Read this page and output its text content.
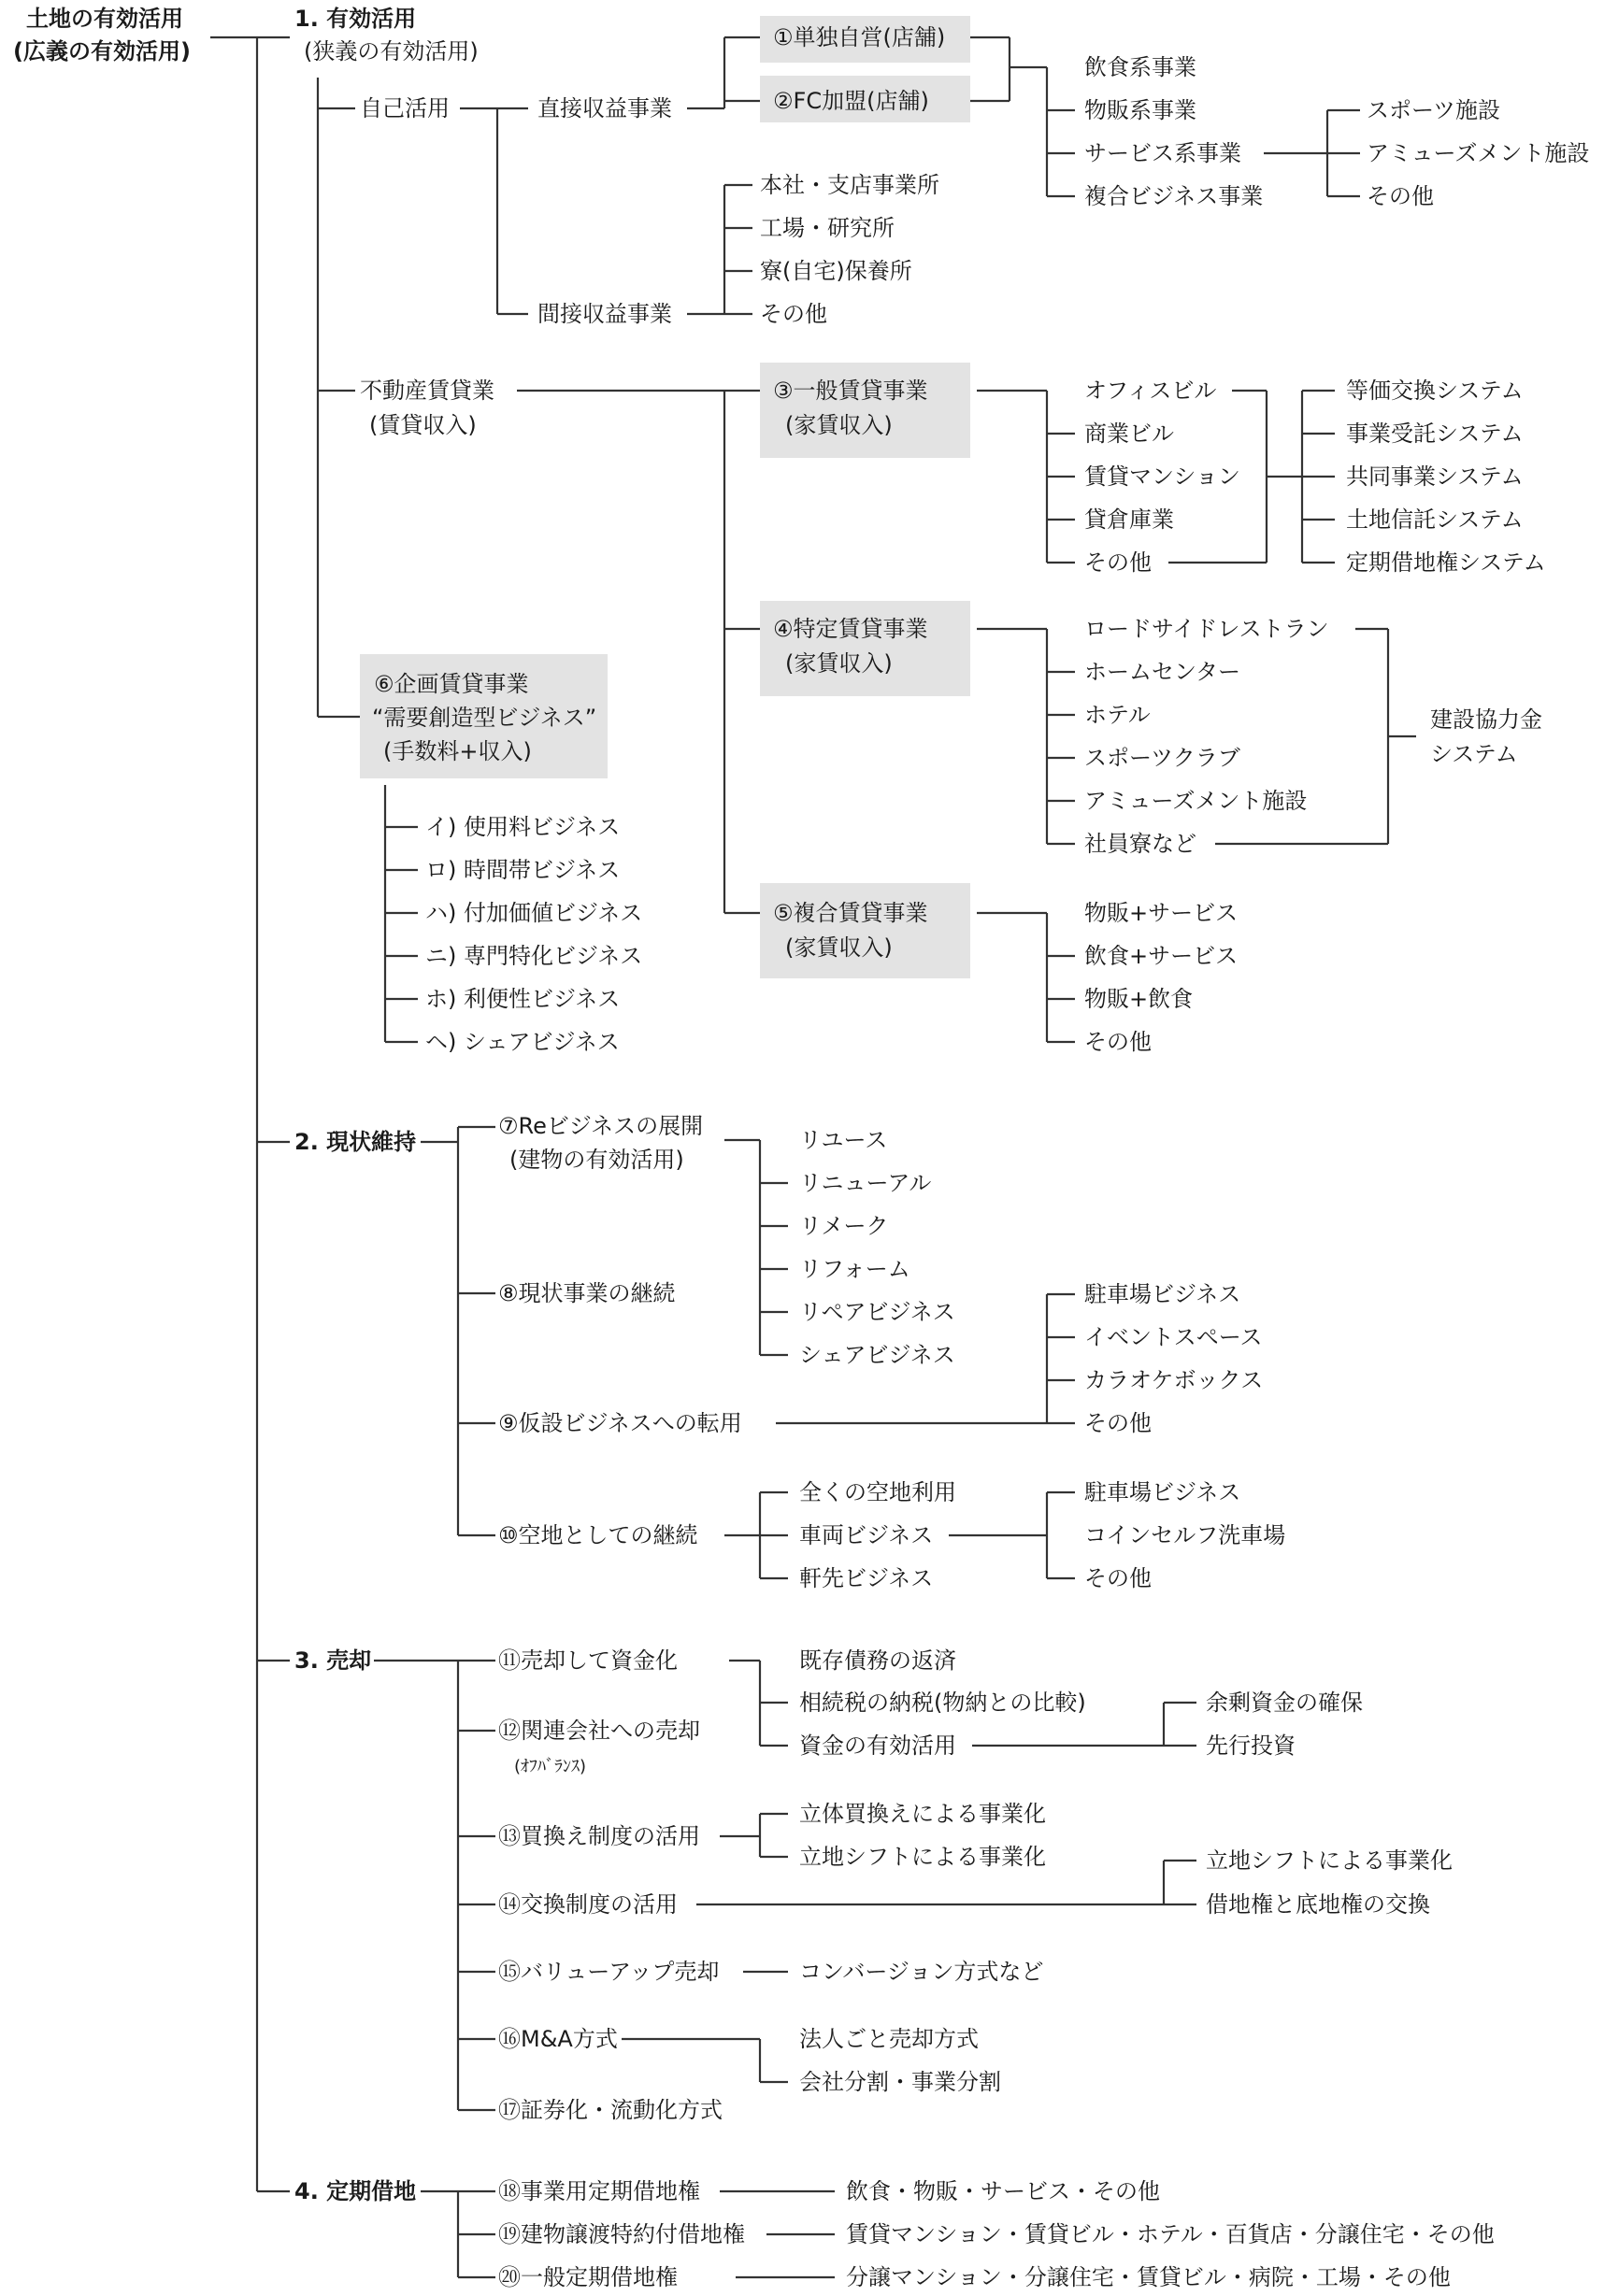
土地の有効活用
(広義の有効活用)
1. 有効活用
(狭義の有効活用)
自己活用	直接収益事業
①単独自営(店舗)
②FC加盟(店舗)
飲食系事業
物販系事業
サービス系事業
複合ビジネス事業
スポーツ施設
アミューズメント施設
その他
間接収益事業
本社・支店事業所
工場・研究所
寮(自宅)保養所
その他
不動産賃貸業
(賃貸収入)
③一般賃貸事業
(家賃収入)
オフィスビル
商業ビル
賃貸マンション
貸倉庫業
その他
等価交換システム
事業受託システム
共同事業システム
土地信託システム
定期借地権システム
④特定賃貸事業
(家賃収入)
ロードサイドレストラン
ホームセンター
ホテル
スポーツクラブ
アミューズメント施設
社員寮など
建設協力金
システム
⑤複合賃貸事業
(家賃収入)
物販+サービス
飲食+サービス
物販+飲食
その他
⑥企画賃貸事業
“需要創造型ビジネス”
(手数料+収入)
イ) 使用料ビジネス
ロ) 時間帯ビジネス
ハ) 付加価値ビジネス
ニ) 専門特化ビジネス
ホ) 利便性ビジネス
ヘ) シェアビジネス
2. 現状維持
⑦Reビジネスの展開
(建物の有効活用)
リユース
リニューアル
リメーク
リフォーム
リペアビジネス
シェアビジネス
⑧現状事業の継続
⑨仮設ビジネスへの転用
駐車場ビジネス
イベントスペース
カラオケボックス
その他
⑩空地としての継続
全くの空地利用
車両ビジネス
軒先ビジネス
駐車場ビジネス
コインセルフ洗車場
その他
3. 売却	⑪売却して資金化	既存債務の返済
相続税の納税(物納との比較)
資金の有効活用
余剰資金の確保
先行投資
⑫関連会社への売却
(ｵﾌﾊﾞﾗﾝｽ)
⑬買換え制度の活用
立体買換えによる事業化
立地シフトによる事業化
⑭交換制度の活用
立地シフトによる事業化
借地権と底地権の交換
⑮バリューアップ売却	コンバージョン方式など
⑯M&A方式	法人ごと売却方式
会社分割・事業分割
⑰証券化・流動化方式
4. 定期借地	⑱事業用定期借地権	飲食・物販・サービス・その他
⑲建物譲渡特約付借地権	賃貸マンション・賃貸ビル・ホテル・百貨店・分譲住宅・その他
⑳一般定期借地権	分譲マンション・分譲住宅・賃貸ビル・病院・工場・その他
